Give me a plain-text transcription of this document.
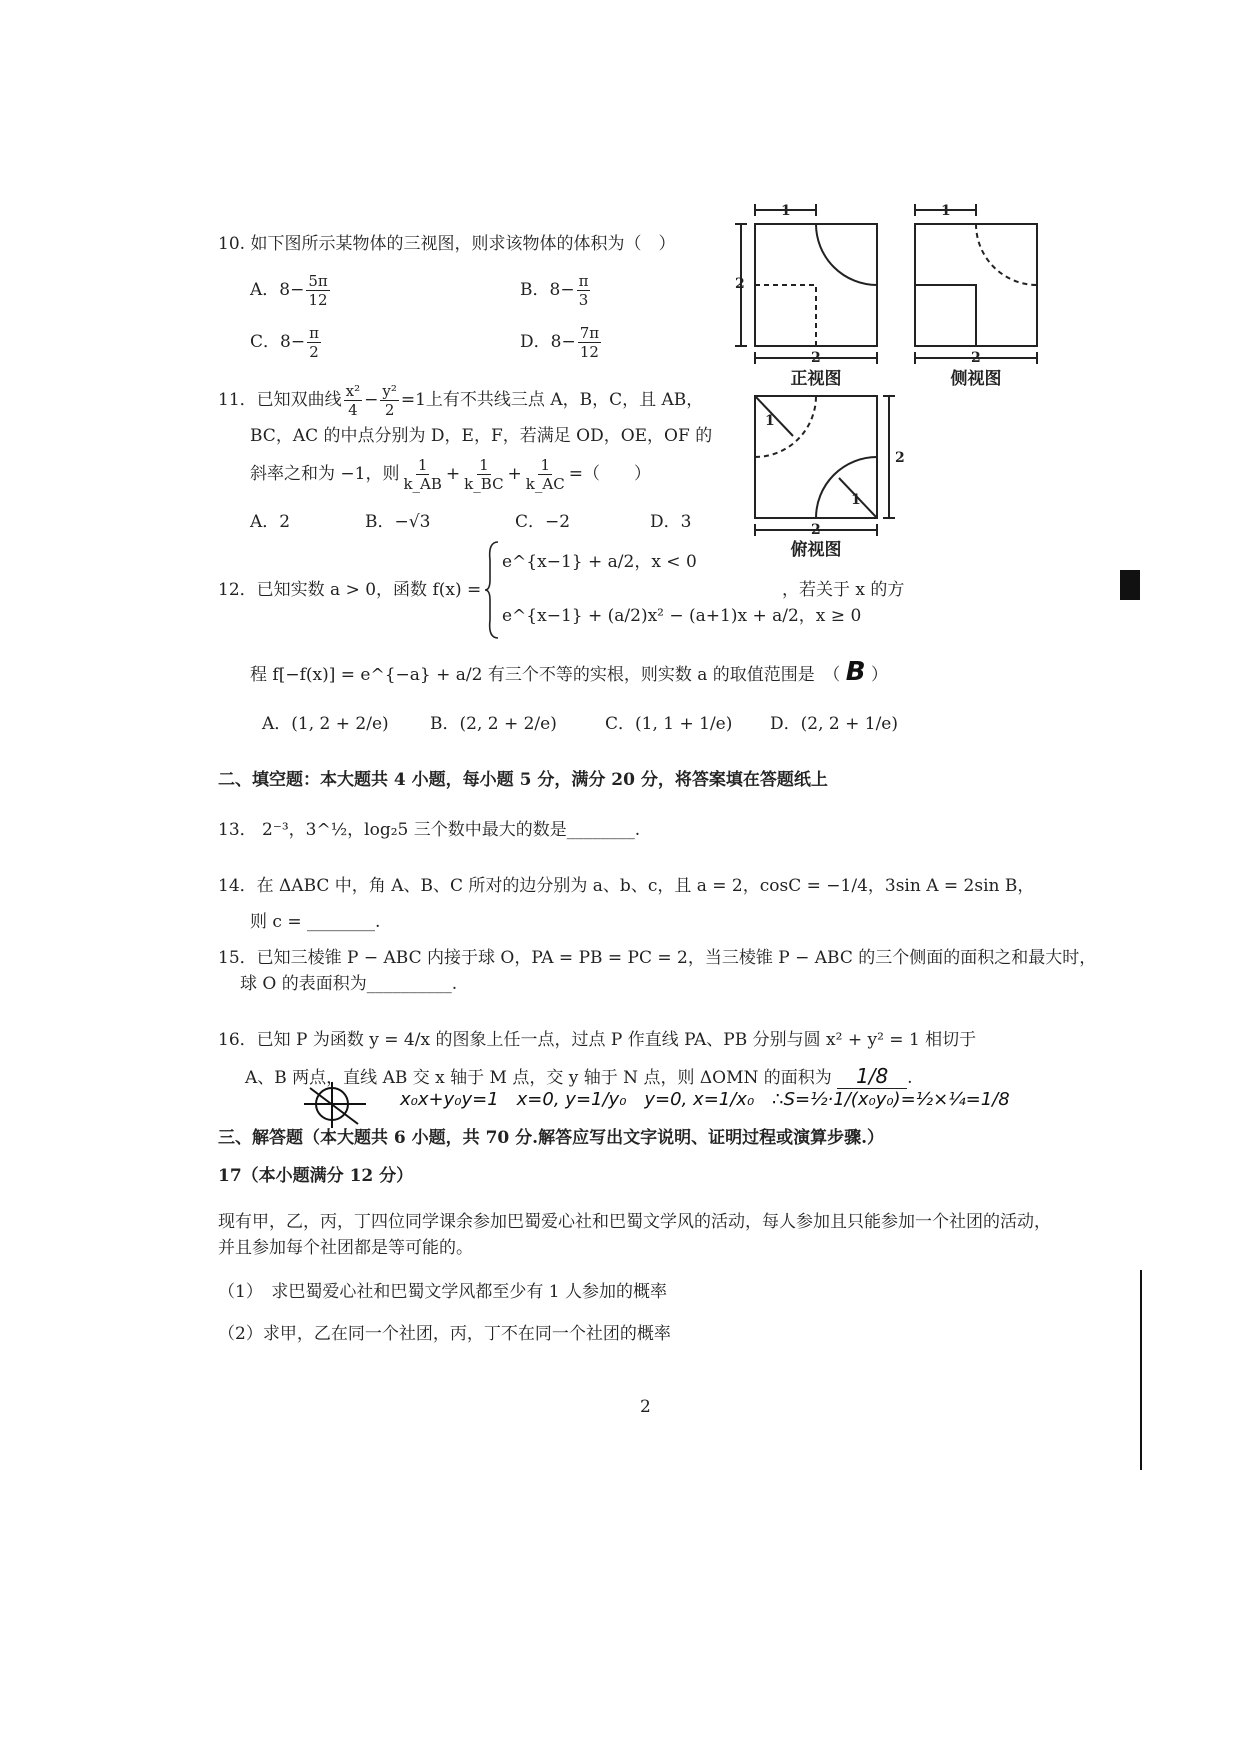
10. 如下图所示某物体的三视图，则求该物体的体积为（　）
A．$8- \frac{5\pi}{12}$	B．$8- \frac{\pi}{3}$
C．$8- \frac{\pi}{2}$	D．$8- \frac{7\pi}{12}$
1
2
2
1
2
1
1
2
2
正视图	侧视图
俯视图
11．已知双曲线 $\frac{\text{x²}}{4} - \frac{\text{y²}}{2} =1$上有不共线三点 A，B，C，且 AB，
BC，AC 的中点分别为 D，E，F，若满足 OD，OE，OF 的
斜率之和为 −1，则 $\frac{1}{k\_AB} + \frac{1}{k\_BC} + \frac{1}{k\_AC}$ =（　　）
A．2	B．−√3	C．−2	D．3
12．已知实数 a > 0，函数 f(x) =
e^{x−1} + a/2，x < 0
e^{x−1} + (a/2)x² − (a+1)x + a/2，x ≥ 0
，若关于 x 的方
程 f[−f(x)] = e^{−a} + a/2 有三个不等的实根，则实数 a 的取值范围是　（ B ）
A．(1, 2 + 2/e) B．(2, 2 + 2/e)	C．(1, 1 + 1/e) D．(2, 2 + 1/e)
二、填空题：本大题共 4 小题，每小题 5 分，满分 20 分，将答案填在答题纸上
13． 2⁻³，3^½，log₂5 三个数中最大的数是________.
14．在 ΔABC 中，角 A、B、C 所对的边分别为 a、b、c，且 a = 2，cosC = −1/4，3sin A = 2sin B，
则 c = ________.
15．已知三棱锥 P − ABC 内接于球 O，PA = PB = PC = 2，当三棱锥 P − ABC 的三个侧面的面积之和最大时，
球 O 的表面积为__________.
16．已知 P 为函数 y = 4/x 的图象上任一点，过点 P 作直线 PA、PB 分别与圆 x² + y² = 1 相切于
A、B 两点，直线 AB 交 x 轴于 M 点，交 y 轴于 N 点，则 ΔOMN 的面积为 1/8 .
x₀x+y₀y=1　x=0, y=1/y₀　y=0, x=1/x₀　∴S=½·1/(x₀y₀)=½×¼=1/8
三、解答题（本大题共 6 小题，共 70 分.解答应写出文字说明、证明过程或演算步骤.）
17（本小题满分 12 分）
现有甲，乙，丙，丁四位同学课余参加巴蜀爱心社和巴蜀文学风的活动，每人参加且只能参加一个社团的活动，
并且参加每个社团都是等可能的。
（1）　求巴蜀爱心社和巴蜀文学风都至少有 1 人参加的概率
（2）求甲，乙在同一个社团，丙，丁不在同一个社团的概率
2
